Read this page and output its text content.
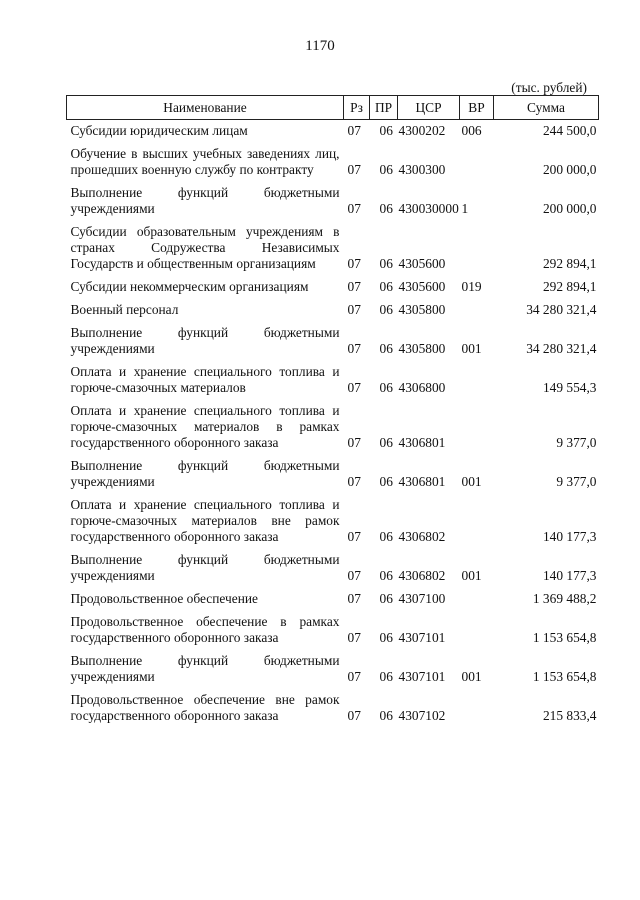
1170
(тыс. рублей)
Наименование	Рз	ПР	ЦСР	ВР	Сумма
Субсидии юридическим лицам	07	06	4300202	006	244 500,0
Обучение в высших учебных заведениях лиц, прошедших военную службу по контракту	07	06	4300300		200 000,0
Выполнение функций бюджетными учреждениями	07	06	430030000	1	200 000,0
Субсидии образовательным учреждениям в странах Содружества Независимых Государств и общественным организациям	07	06	4305600		292 894,1
Субсидии некоммерческим организациям	07	06	4305600	019	292 894,1
Военный персонал	07	06	4305800		34 280 321,4
Выполнение функций бюджетными учреждениями	07	06	4305800	001	34 280 321,4
Оплата и хранение специального топлива и горюче-смазочных материалов	07	06	4306800		149 554,3
Оплата и хранение специального топлива и горюче-смазочных материалов в рамках государственного оборонного заказа	07	06	4306801		9 377,0
Выполнение функций бюджетными учреждениями	07	06	4306801	001	9 377,0
Оплата и хранение специального топлива и горюче-смазочных материалов вне рамок государственного оборонного заказа	07	06	4306802		140 177,3
Выполнение функций бюджетными учреждениями	07	06	4306802	001	140 177,3
Продовольственное обеспечение	07	06	4307100		1 369 488,2
Продовольственное обеспечение в рамках государственного оборонного заказа	07	06	4307101		1 153 654,8
Выполнение функций бюджетными учреждениями	07	06	4307101	001	1 153 654,8
Продовольственное обеспечение вне рамок государственного оборонного заказа	07	06	4307102		215 833,4
